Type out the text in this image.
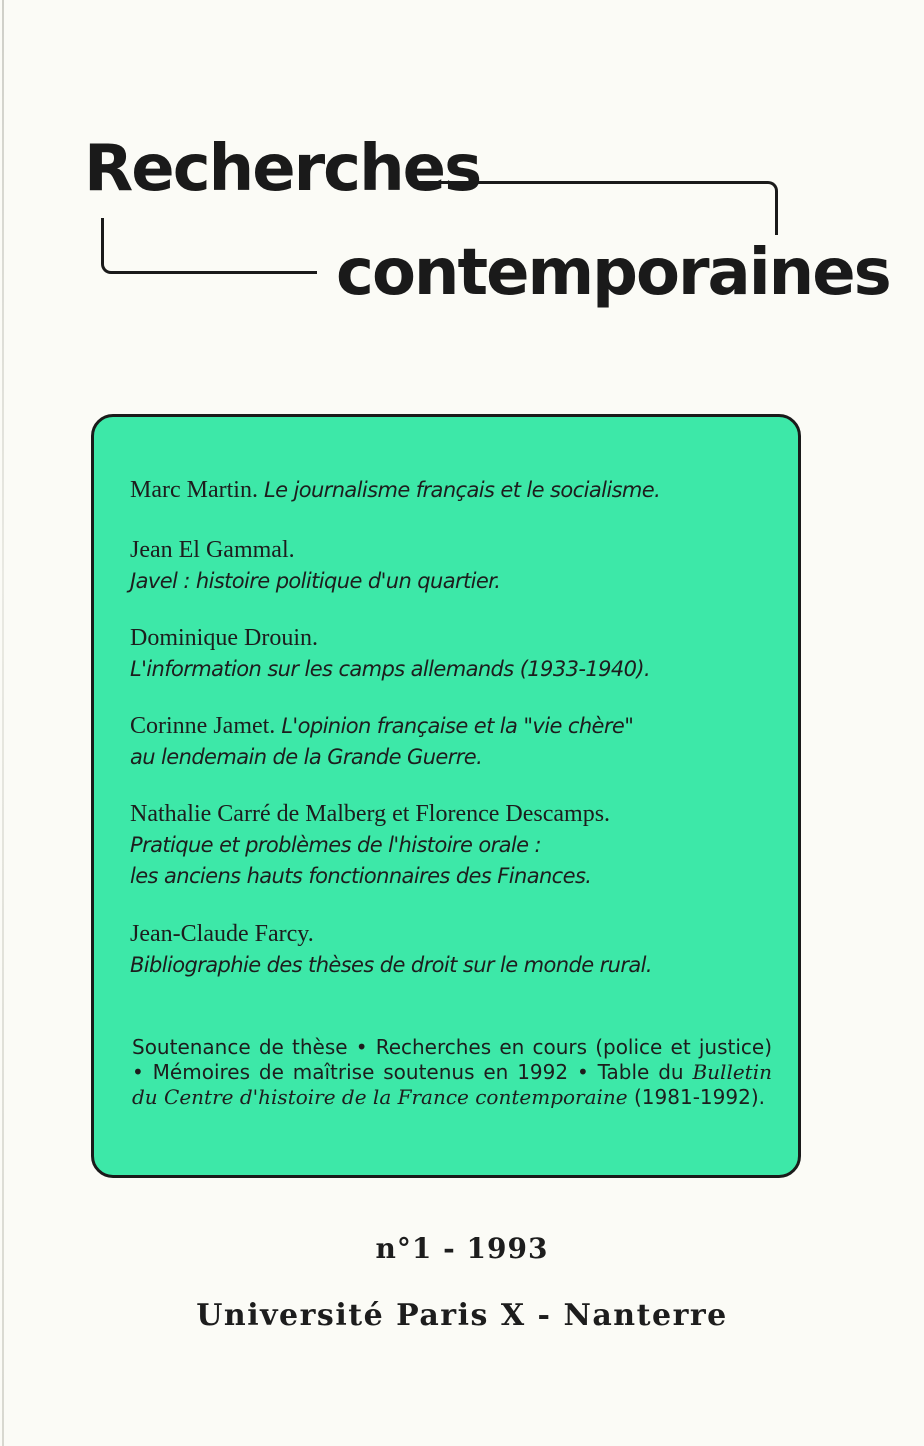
Recherches
contemporaines
Marc Martin. Le journalisme français et le socialisme.
Jean El Gammal.
Javel : histoire politique d'un quartier.
Dominique Drouin.
L'information sur les camps allemands (1933-1940).
Corinne Jamet. L'opinion française et la "vie chère"
au lendemain de la Grande Guerre.
Nathalie Carré de Malberg et Florence Descamps.
Pratique et problèmes de l'histoire orale :
les anciens hauts fonctionnaires des Finances.
Jean-Claude Farcy.
Bibliographie des thèses de droit sur le monde rural.
Soutenance de thèse • Recherches en cours (police et justice) • Mémoires de maîtrise soutenus en 1992 • Table du Bulletin du Centre d'histoire de la France contemporaine (1981-1992).
n°1 - 1993
Université Paris X - Nanterre
